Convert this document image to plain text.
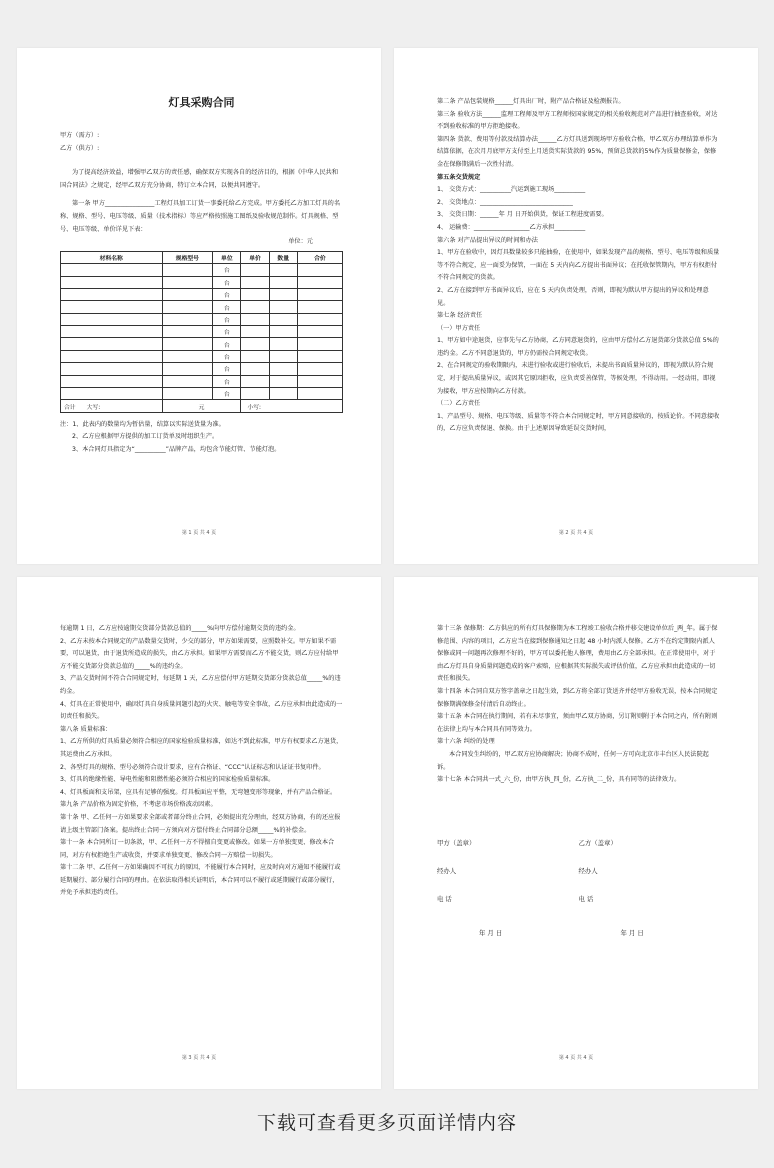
灯具采购合同

甲方（需方）:

乙方（供方）:

为了提高经济效益，增强甲乙双方的责任感，确保双方实现各自的经济目的，根据《中华人民共和国合同法》之规定，经甲乙双方充分协商，特订立本合同，以便共同遵守。

第一条 甲方________________工程灯具加工订货一事委托给乙方完成。甲方委托乙方加工灯具的名称、规格、型号、电压等级、质量（技术指标）等应严格按照施工图纸及验收规范制作。灯具规格、型号、电压等级、单价详见下表：

单位：元

材料名称	规格型号	单位	单价	数量	合价
		台			
		台			
		台			
		台			
		台			
		台			
		台			
		台			
		台			
		台			
		台			
合计 大写:	元		小写:		

注：1、此表内的数量均为暂估量，结算以实际送货量为准。

2、乙方应根据甲方提供的加工订货单及时组织生产。

3、本合同灯具指定为“__________”品牌产品，均包含节能灯管、节能灯泡。

第 1 页 共 4 页

第二条 产品包装规格______灯具出厂时，附产品合格证及检测报告。

第三条 验收方法______监理工程师及甲方工程师按国家规定的相关验收规范对产品进行抽查验收，对达不到验收标准的甲方拒绝接收。

第四条 货款、费用等付款及结算办法______乙方灯具送到现场甲方验收合格，甲乙双方办理结算单作为结算依据，在次月月底甲方支付至上月送货实际货款的 95%，预留总货款的5%作为质量保修金，保修金在保修期满后一次性付清。

第五条交货规定

1、 交货方式：__________汽运到施工现场__________

2、 交货地点：______________________________

3、 交货日期：______年 月 日开始供货，保证工程进度需要。

4、 运输费：__________________乙方承担__________

第六条 对产品提出异议的时间和办法

1、甲方在验收中，因灯具数量较多只能抽验，在使用中，如果发现产品的规格、型号、电压等级和质量等不符合规定，应一面妥为保管，一面在 5 天内向乙方提出书面异议；在托收保管期内，甲方有权拒付不符合同规定的货款。

2、乙方在接到甲方书面异议后，应在 5 天内负责处理，否则，即视为默认甲方提出的异议和处理意见。

第七条 经济责任

（一）甲方责任

1、甲方如中途退货，应事先与乙方协商，乙方同意退货的，应由甲方偿付乙方退货部分货款总值 5%的违约金。乙方不同意退货的，甲方仍需按合同规定收货。

2、在合同规定的验收期限内，未进行验收或进行验收后，未提出书面质量异议的，即视为默认符合规定，对于提出质量异议，或因其它原因拒收，应负责妥善保管，等候处理，不得动用。一经动用，即视为接收，甲方应按期向乙方付款。

（二）乙方责任

1、产品型号、规格、电压等级、质量等不符合本合同规定时，甲方同意接收的，按质论价。不同意接收的，乙方应负责保退、保换。由于上述原因导致延误交货时间，

第 2 页 共 4 页

每逾期 1 日，乙方应按逾期交货部分货款总值的_____%向甲方偿付逾期交货的违约金。

2、乙方未按本合同规定的产品数量交货时，少交的部分，甲方如果需要，应照数补交。甲方如果不需要，可以退货，由于退货所造成的损失，由乙方承担。如果甲方需要而乙方不能交货，则乙方应付给甲方不能交货部分货款总值的_____%的违约金。

3、产品交货时间不符合合同规定时，每延期 1 天，乙方应偿付甲方延期交货部分货款总值_____%的违约金。

4、灯具在正常使用中，确因灯具自身质量问题引起的火灾、触电等安全事故，乙方应承担由此造成的一切责任和损失。

第八条 质量标准：

1、乙方所供的灯具质量必须符合相应的国家检验质量标准，如达不到此标准，甲方有权要求乙方退货，其运费由乙方承担。

2、各型灯具的规格、型号必须符合设计要求，应有合格证、“CCC”认证标志和认证证书复印件。

3、灯具的绝缘性能、导电性能和阻燃性能必须符合相应的国家检验质量标准。

4、灯具板面和支吊架，应具有足够的强度。灯具板面应平整，无弯翘变形等现象，并有产品合格证。

第九条 产品价格为固定价格，不考虑市场价格波动因素。

第十条 甲、乙任何一方如果要求全部或者部分终止合同，必须提出充分理由，经双方协商，有的还应报请上级主管部门备案。提出终止合同一方须向对方偿付终止合同部分总额_____%的补偿金。

第十一条 本合同所订一切条款，甲、乙任何一方不得擅自变更或修改。如果一方单独变更、修改本合同，对方有权拒绝生产或收货，并要求单独变更、修改合同一方赔偿一切损失。

第十二条 甲、乙任何一方如果确因不可抗力的原因，不能履行本合同时，应及时向对方通知不能履行或延期履行、部分履行合同的理由。在依法取得相关证明后，本合同可以不履行或延期履行或部分履行，并免予承担违约责任。

第 3 页 共 4 页

第十三条 保修期：乙方供应的所有灯具保修期为本工程竣工验收合格并移交建设单位后_两_年。属于保修范围、内容的项目，乙方应当在接到保修通知之日起 48 小时内派人保修。乙方不在约定期限内派人保修或同一问题再次修理不好的，甲方可以委托他人修理，费用由乙方全部承担。在正常使用中，对于由乙方灯具自身质量问题造成的客户索赔，应根据其实际损失或评估价值，乙方应承担由此造成的一切责任和损失。

第十四条 本合同自双方签字盖章之日起生效，到乙方将全部订货送齐并经甲方验收无误，按本合同规定保修期满保修金付清后自动终止。

第十五条 本合同在执行期间，若有未尽事宜，须由甲乙双方协商，另订附则附于本合同之内，所有附则在法律上均与本合同具有同等效力。

第十六条 纠纷的处理

本合同发生纠纷的，甲乙双方应协商解决；协商不成时，任何一方可向北京市丰台区人民法院起诉。

第十七条 本合同共一式_六_份，由甲方执_四_份，乙方执_二_份，具有同等的法律效力。

甲方（盖章）	乙方（盖章）
经办人	经办人
电 话	电 话
年 月 日	年 月 日
第 4 页 共 4 页
下载可查看更多页面详情内容
